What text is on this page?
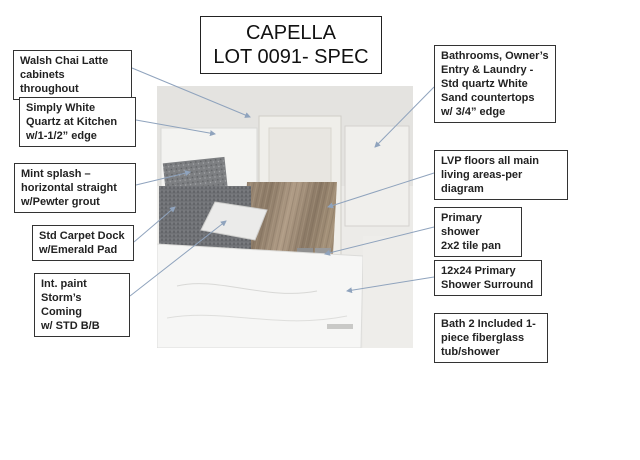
CAPELLA
LOT 0091- SPEC
Walsh Chai Latte
cabinets throughout
Simply White
Quartz at Kitchen
w/1-1/2” edge
Mint splash –
horizontal straight
w/Pewter grout
Std Carpet Dock
w/Emerald Pad
Int. paint
Storm’s Coming
w/ STD B/B
Bathrooms, Owner’s
Entry & Laundry -
Std quartz White
Sand countertops
w/ 3/4” edge
LVP floors all main
living areas-per diagram
Primary shower
2x2 tile pan
12x24 Primary
Shower Surround
Bath 2 Included 1-
piece fiberglass
tub/shower
